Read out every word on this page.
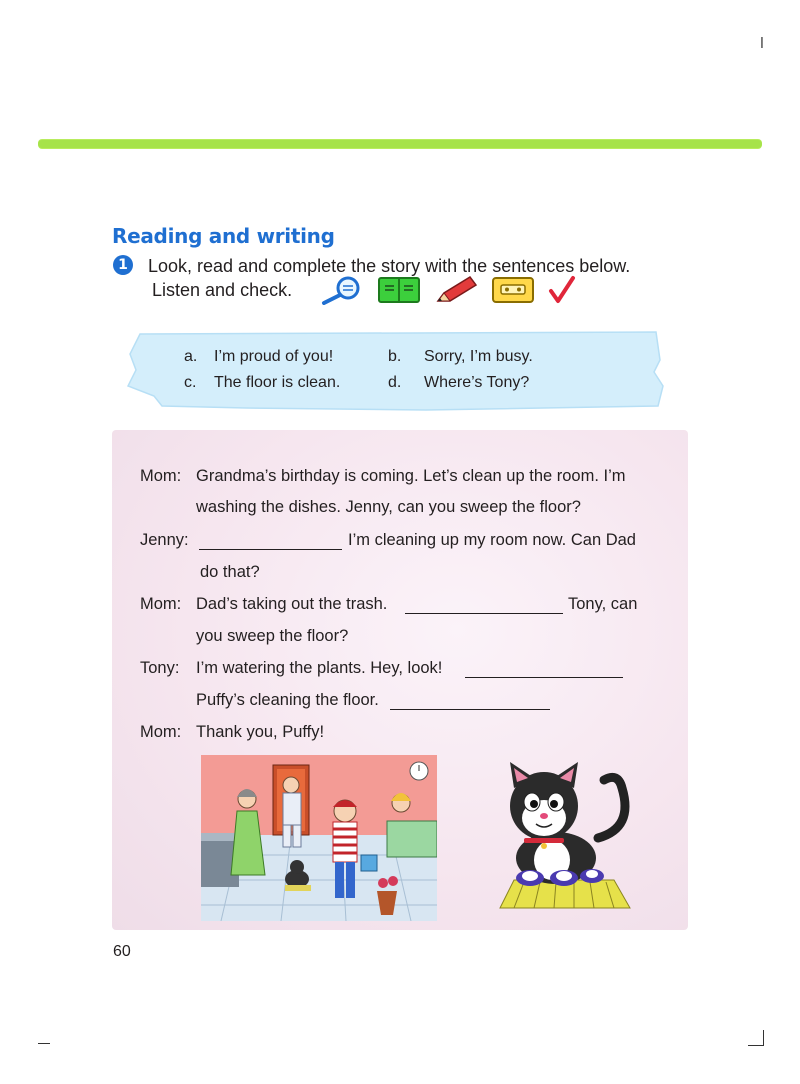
l
Reading and writing
1 Look, read and complete the story with the sentences below.
Listen and check.
a. I’m proud of you!	b. Sorry, I’m busy.
c. The floor is clean.	d. Where’s Tony?
Mom: Grandma’s birthday is coming. Let’s clean up the room. I’m
washing the dishes. Jenny, can you sweep the floor?
Jenny:	I’m cleaning up my room now. Can Dad
do that?
Mom: Dad’s taking out the trash.	Tony, can
you sweep the floor?
Tony: I’m watering the plants. Hey, look!
Puffy’s cleaning the floor.
Mom: Thank you, Puffy!
60
